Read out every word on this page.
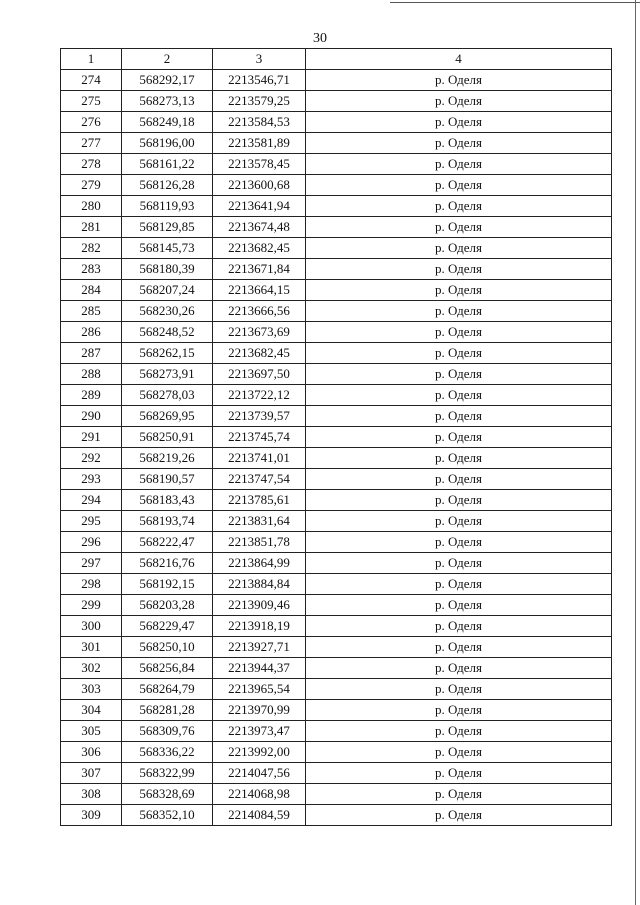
30
1	2	3	4
274	568292,17	2213546,71	р. Оделя
275	568273,13	2213579,25	р. Оделя
276	568249,18	2213584,53	р. Оделя
277	568196,00	2213581,89	р. Оделя
278	568161,22	2213578,45	р. Оделя
279	568126,28	2213600,68	р. Оделя
280	568119,93	2213641,94	р. Оделя
281	568129,85	2213674,48	р. Оделя
282	568145,73	2213682,45	р. Оделя
283	568180,39	2213671,84	р. Оделя
284	568207,24	2213664,15	р. Оделя
285	568230,26	2213666,56	р. Оделя
286	568248,52	2213673,69	р. Оделя
287	568262,15	2213682,45	р. Оделя
288	568273,91	2213697,50	р. Оделя
289	568278,03	2213722,12	р. Оделя
290	568269,95	2213739,57	р. Оделя
291	568250,91	2213745,74	р. Оделя
292	568219,26	2213741,01	р. Оделя
293	568190,57	2213747,54	р. Оделя
294	568183,43	2213785,61	р. Оделя
295	568193,74	2213831,64	р. Оделя
296	568222,47	2213851,78	р. Оделя
297	568216,76	2213864,99	р. Оделя
298	568192,15	2213884,84	р. Оделя
299	568203,28	2213909,46	р. Оделя
300	568229,47	2213918,19	р. Оделя
301	568250,10	2213927,71	р. Оделя
302	568256,84	2213944,37	р. Оделя
303	568264,79	2213965,54	р. Оделя
304	568281,28	2213970,99	р. Оделя
305	568309,76	2213973,47	р. Оделя
306	568336,22	2213992,00	р. Оделя
307	568322,99	2214047,56	р. Оделя
308	568328,69	2214068,98	р. Оделя
309	568352,10	2214084,59	р. Оделя
